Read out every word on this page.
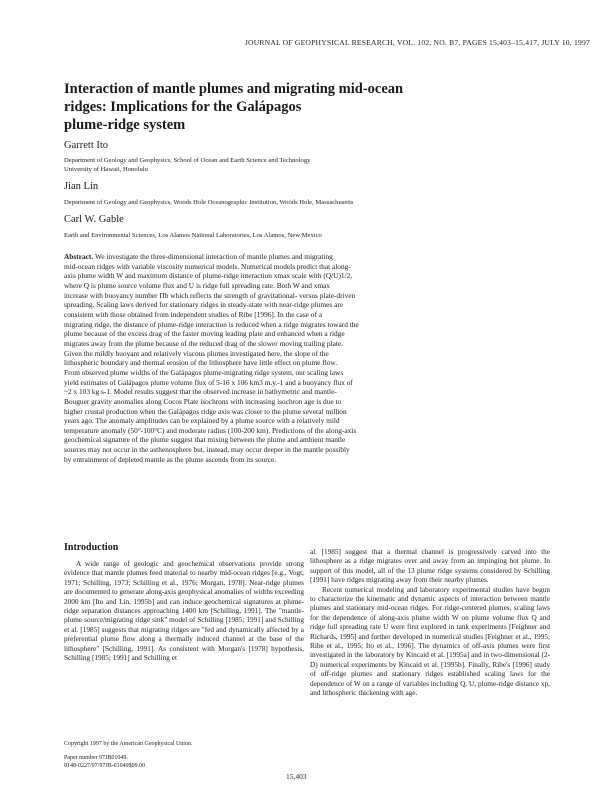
JOURNAL OF GEOPHYSICAL RESEARCH, VOL. 102, NO. B7, PAGES 15,403–15,417, JULY 10, 1997
Interaction of mantle plumes and migrating mid-ocean
ridges: Implications for the Galápagos
plume-ridge system
Garrett Ito
Department of Geology and Geophysics, School of Ocean and Earth Science and Technology
University of Hawaii, Honolulu
Jian Lin
Department of Geology and Geophysics, Woods Hole Oceanographic Institution, Woods Hole, Massachusetts
Carl W. Gable
Earth and Environmental Sciences, Los Alamos National Laboratories, Los Alamos, New Mexico
Abstract. We investigate the three-dimensional interaction of mantle plumes and migrating
mid-ocean ridges with variable viscosity numerical models. Numerical models predict that along-
axis plume width W and maximum distance of plume-ridge interaction xmax scale with (Q/U)1/2,
where Q is plume source volume flux and U is ridge full spreading rate. Both W and xmax
increase with buoyancy number Πb which reflects the strength of gravitational- versus plate-driven
spreading. Scaling laws derived for stationary ridges in steady-state with near-ridge plumes are
consistent with those obtained from independent studies of Ribe [1996]. In the case of a
migrating ridge, the distance of plume-ridge interaction is reduced when a ridge migrates toward the
plume because of the excess drag of the faster moving leading plate and enhanced when a ridge
migrates away from the plume because of the reduced drag of the slower moving trailing plate.
Given the mildly buoyant and relatively viscous plumes investigated here, the slope of the
lithospheric boundary and thermal erosion of the lithosphere have little effect on plume flow.
From observed plume widths of the Galápagos plume-migrating ridge system, our scaling laws
yield estimates of Galápagos plume volume flux of 5-16 x 106 km3 m.y.-1 and a buoyancy flux of
~2 x 103 kg s-1. Model results suggest that the observed increase in bathymetric and mantle-
Bouguer gravity anomalies along Cocos Plate isochrons with increasing isochron age is due to
higher crustal production when the Galápagos ridge axis was closer to the plume several million
years ago. The anomaly amplitudes can be explained by a plume source with a relatively mild
temperature anomaly (50°-100°C) and moderate radius (100-200 km). Predictions of the along-axis
geochemical signature of the plume suggest that mixing between the plume and ambient mantle
sources may not occur in the asthenosphere but, instead, may occur deeper in the mantle possibly
by entrainment of depleted mantle as the plume ascends from its source.
Introduction

A wide range of geologic and geochemical observations provide strong evidence that mantle plumes feed material to nearby mid-ocean ridges [e.g., Vogt, 1971; Schilling, 1973; Schilling et al., 1976; Morgan, 1978]. Near-ridge plumes are documented to generate along-axis geophysical anomalies of widths exceeding 2000 km [Ito and Lin, 1995b] and can induce geochemical signatures at plume-ridge separation distances approaching 1400 km [Schilling, 1991]. The "mantle-plume source/migrating ridge sink" model of Schilling [1985; 1991] and Schilling et al. [1985] suggests that migrating ridges are "fed and dynamically affected by a preferential plume flow along a thermally induced channel at the base of the lithosphere" [Schilling, 1991]. As consistent with Morgan's [1978] hypothesis, Schilling [1985; 1991] and Schilling et

al. [1985] suggest that a thermal channel is progressively carved into the lithosphere as a ridge migrates over and away from an impinging hot plume. In support of this model, all of the 13 plume ridge systems considered by Schilling [1991] have ridges migrating away from their nearby plumes.

Recent numerical modeling and laboratory experimental studies have begun to characterize the kinematic and dynamic aspects of interaction between mantle plumes and stationary mid-ocean ridges. For ridge-centered plumes, scaling laws for the dependence of along-axis plume width W on plume volume flux Q and ridge full spreading rate U were first explored in tank experiments [Feighner and Richards, 1995] and further developed in numerical studies [Feighner et al., 1995; Ribe et al., 1995; Ito et al., 1996]. The dynamics of off-axis plumes were first investigated in the laboratory by Kincaid et al. [1995a] and in two-dimensional (2-D) numerical experiments by Kincaid et al. [1995b]. Finally, Ribe's [1996] study of off-ridge plumes and stationary ridges established scaling laws for the dependence of W on a range of variables including Q, U, plume-ridge distance xp, and lithospheric thickening with age.

Copyright 1997 by the American Geophysical Union.
Paper number 97JB01049.
0148-0227/97/97JB-01049$09.00
15,403
